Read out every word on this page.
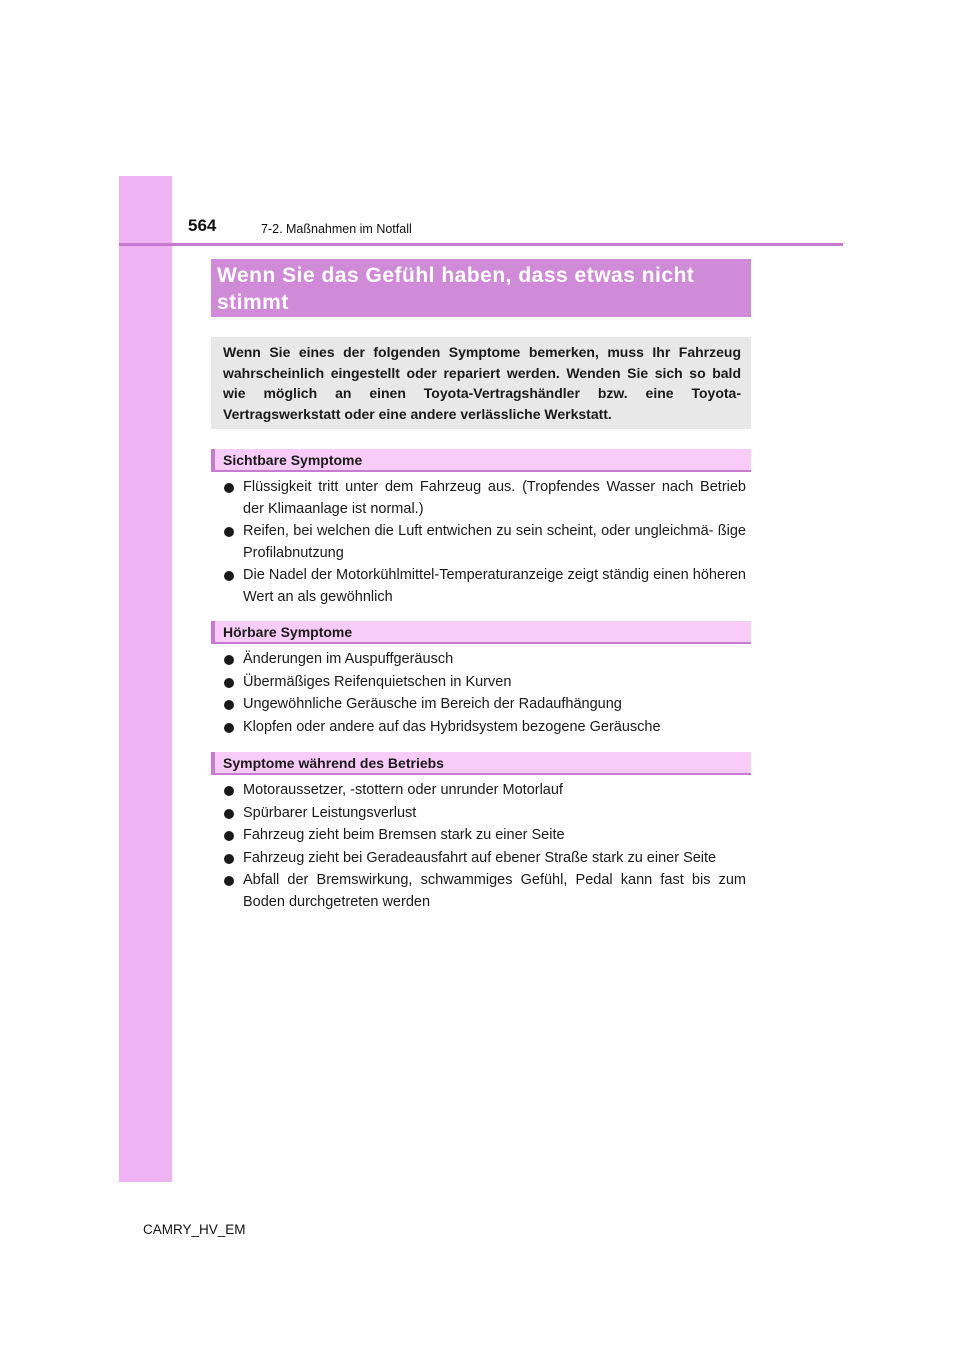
564	7-2. Maßnahmen im Notfall
Wenn Sie das Gefühl haben, dass etwas nicht stimmt

Wenn Sie eines der folgenden Symptome bemerken, muss Ihr Fahrzeug wahrscheinlich eingestellt oder repariert werden. Wenden Sie sich so bald wie möglich an einen Toyota-Vertragshändler bzw. eine Toyota-Vertragswerkstatt oder eine andere verlässliche Werkstatt.

Sichtbare Symptome
Flüssigkeit tritt unter dem Fahrzeug aus. (Tropfendes Wasser nach Betrieb der Klimaanlage ist normal.)
Reifen, bei welchen die Luft entwichen zu sein scheint, oder ungleichmä- ßige Profilabnutzung
Die Nadel der Motorkühlmittel-Temperaturanzeige zeigt ständig einen höheren Wert an als gewöhnlich
Hörbare Symptome
Änderungen im Auspuffgeräusch
Übermäßiges Reifenquietschen in Kurven
Ungewöhnliche Geräusche im Bereich der Radaufhängung
Klopfen oder andere auf das Hybridsystem bezogene Geräusche
Symptome während des Betriebs
Motoraussetzer, -stottern oder unrunder Motorlauf
Spürbarer Leistungsverlust
Fahrzeug zieht beim Bremsen stark zu einer Seite
Fahrzeug zieht bei Geradeausfahrt auf ebener Straße stark zu einer Seite
Abfall der Bremswirkung, schwammiges Gefühl, Pedal kann fast bis zum Boden durchgetreten werden
CAMRY_HV_EM
